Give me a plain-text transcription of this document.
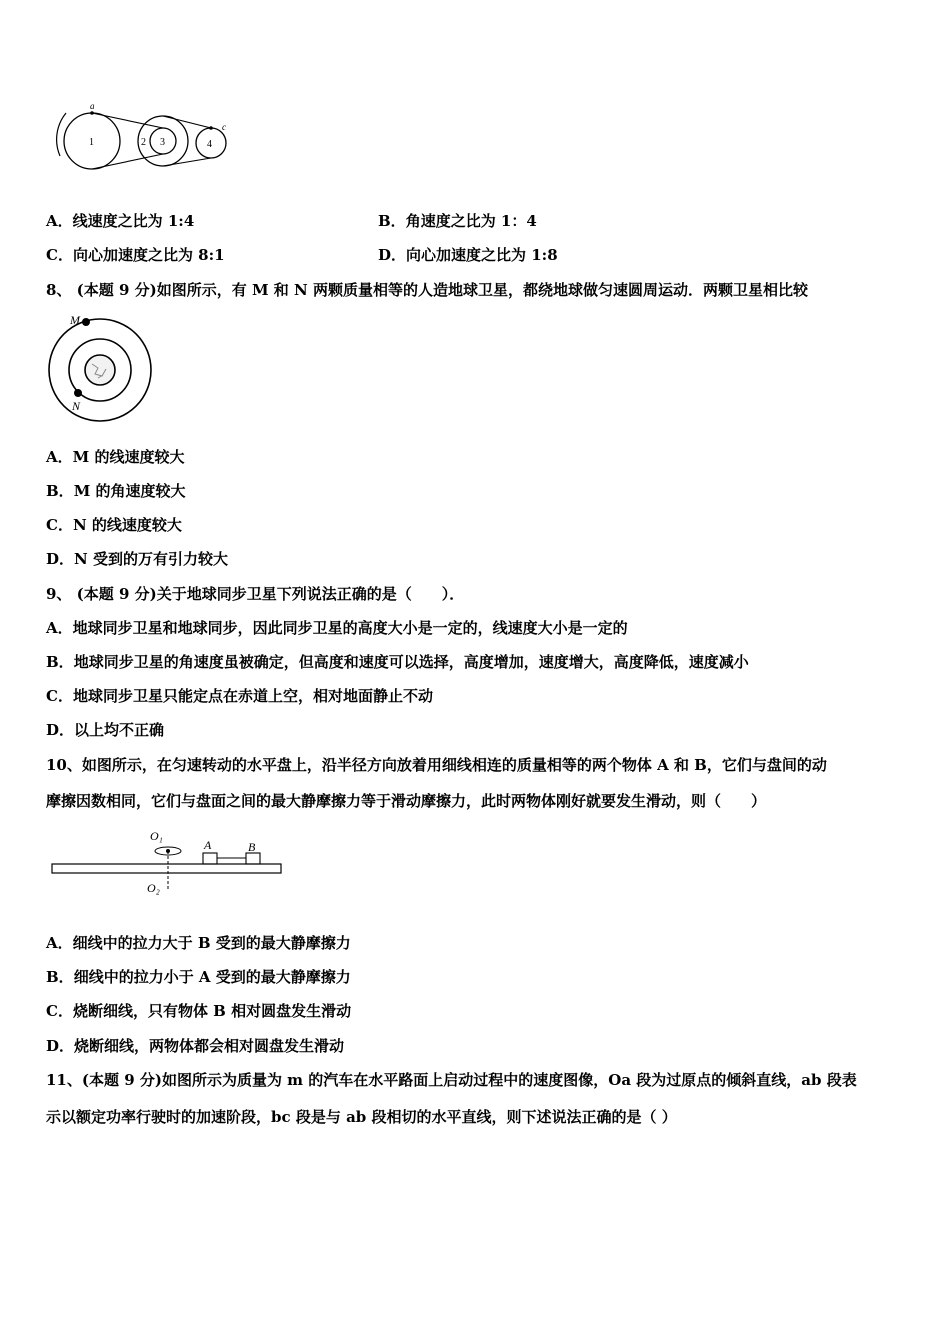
a
c
1	2 3	4
A．线速度之比为 1:4	B．角速度之比为 1：4
C．向心加速度之比为 8:1	D．向心加速度之比为 1:8
8、 (本题 9 分)如图所示，有 M 和 N 两颗质量相等的人造地球卫星，都绕地球做匀速圆周运动．两颗卫星相比较
M
N
A．M 的线速度较大
B．M 的角速度较大
C．N 的线速度较大
D．N 受到的万有引力较大
9、 (本题 9 分)关于地球同步卫星下列说法正确的是（　　）．
A．地球同步卫星和地球同步，因此同步卫星的高度大小是一定的，线速度大小是一定的
B．地球同步卫星的角速度虽被确定，但高度和速度可以选择，高度增加，速度增大，高度降低，速度减小
C．地球同步卫星只能定点在赤道上空，相对地面静止不动
D．以上均不正确
10、如图所示，在匀速转动的水平盘上，沿半径方向放着用细线相连的质量相等的两个物体 A 和 B，它们与盘间的动
摩擦因数相同，它们与盘面之间的最大静摩擦力等于滑动摩擦力，此时两物体刚好就要发生滑动，则（　　）
O₁
O₂
A	B
A．细线中的拉力大于 B 受到的最大静摩擦力
B．细线中的拉力小于 A 受到的最大静摩擦力
C．烧断细线，只有物体 B 相对圆盘发生滑动
D．烧断细线，两物体都会相对圆盘发生滑动
11、(本题 9 分)如图所示为质量为 m 的汽车在水平路面上启动过程中的速度图像，Oa 段为过原点的倾斜直线，ab 段表
示以额定功率行驶时的加速阶段，bc 段是与 ab 段相切的水平直线，则下述说法正确的是（ ）
